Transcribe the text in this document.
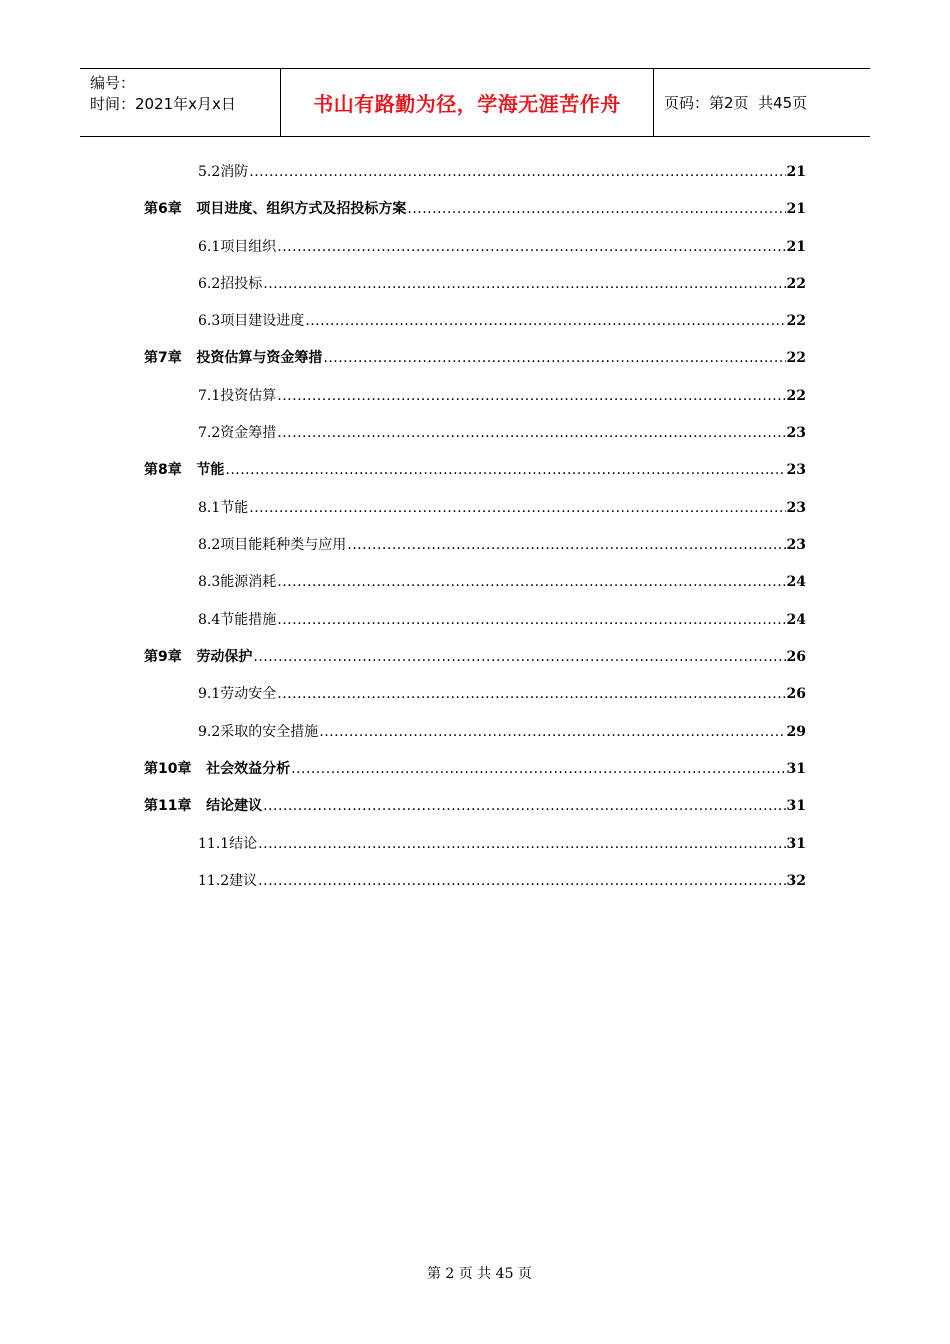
编号：
时间：2021年x月x日	书山有路勤为径，学海无涯苦作舟	页码：第2页  共45页
5.2消防 .....	21
第6章   项目进度、组织方式及招投标方案 .....	21
6.1项目组织 .....	21
6.2招投标 .....	22
6.3项目建设进度 .....	22
第7章   投资估算与资金筹措 .....	22
7.1投资估算 .....	22
7.2资金筹措 .....	23
第8章   节能 .....	23
8.1节能 .....	23
8.2项目能耗种类与应用 .....	23
8.3能源消耗 .....	24
8.4节能措施 .....	24
第9章   劳动保护 .....	26
9.1劳动安全 .....	26
9.2采取的安全措施 .....	29
第10章   社会效益分析 .....	31
第11章   结论建议 .....	31
11.1结论 .....	31
11.2建议 .....	32

第 2 页 共 45 页
